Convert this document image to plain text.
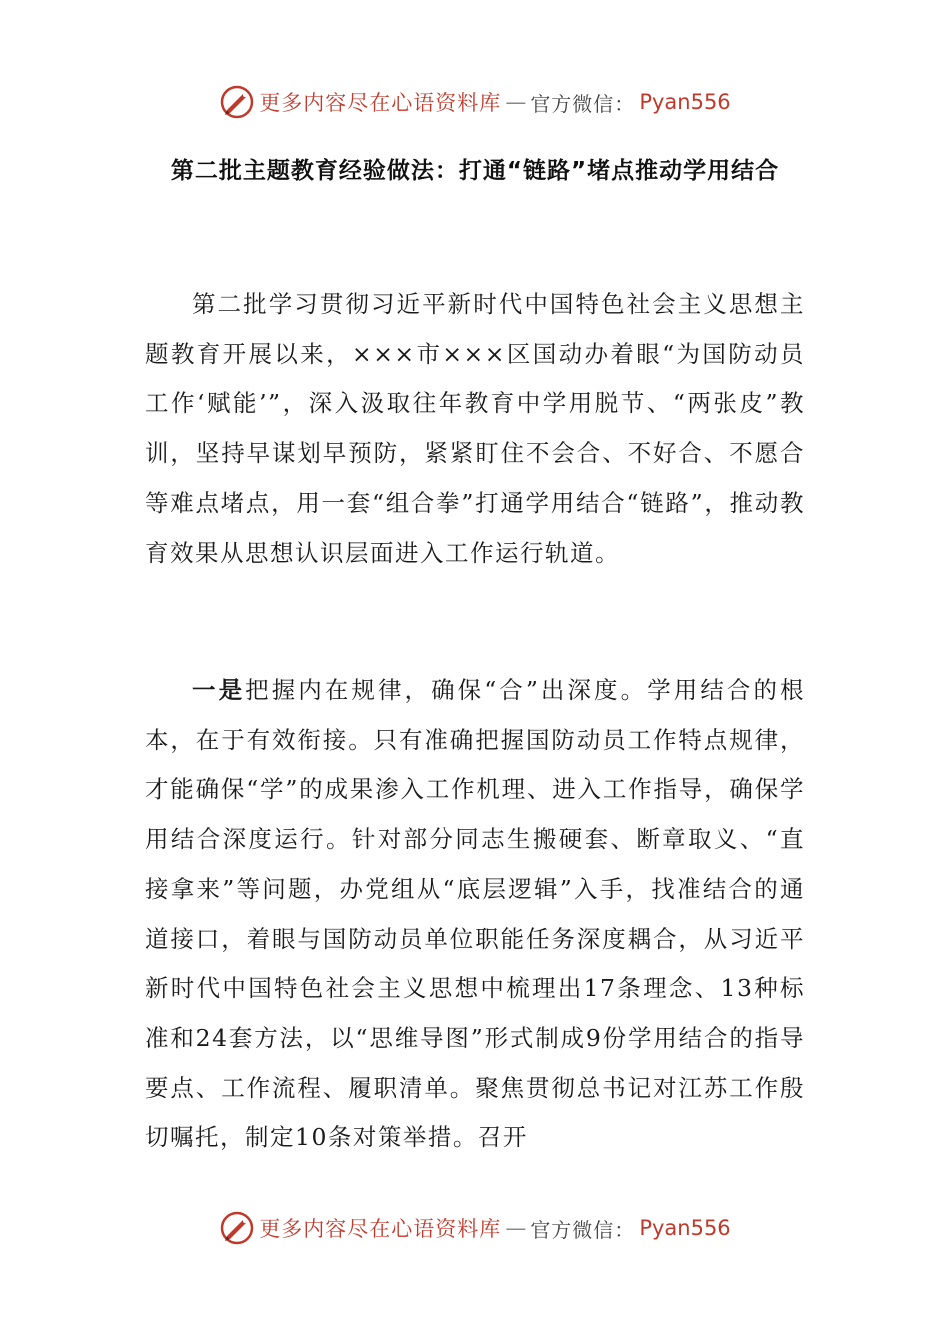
更多内容尽在心语资料库 — 官方微信： Pyan556
第二批主题教育经验做法：打通“链路”堵点推动学用结合

第二批学习贯彻习近平新时代中国特色社会主义思想主题教育开展以来，×××市×××区国动办着眼“为国防动员工作‘赋能’”，深入汲取往年教育中学用脱节、“两张皮”教训，坚持早谋划早预防，紧紧盯住不会合、不好合、不愿合等难点堵点，用一套“组合拳”打通学用结合“链路”，推动教育效果从思想认识层面进入工作运行轨道。

一是把握内在规律，确保“合”出深度。学用结合的根本，在于有效衔接。只有准确把握国防动员工作特点规律，才能确保“学”的成果渗入工作机理、进入工作指导，确保学用结合深度运行。针对部分同志生搬硬套、断章取义、“直接拿来”等问题，办党组从“底层逻辑”入手，找准结合的通道接口，着眼与国防动员单位职能任务深度耦合，从习近平新时代中国特色社会主义思想中梳理出17条理念、13种标准和24套方法，以“思维导图”形式制成9份学用结合的指导要点、工作流程、履职清单。聚焦贯彻总书记对江苏工作殷切嘱托，制定10条对策举措。召开

更多内容尽在心语资料库 — 官方微信： Pyan556
